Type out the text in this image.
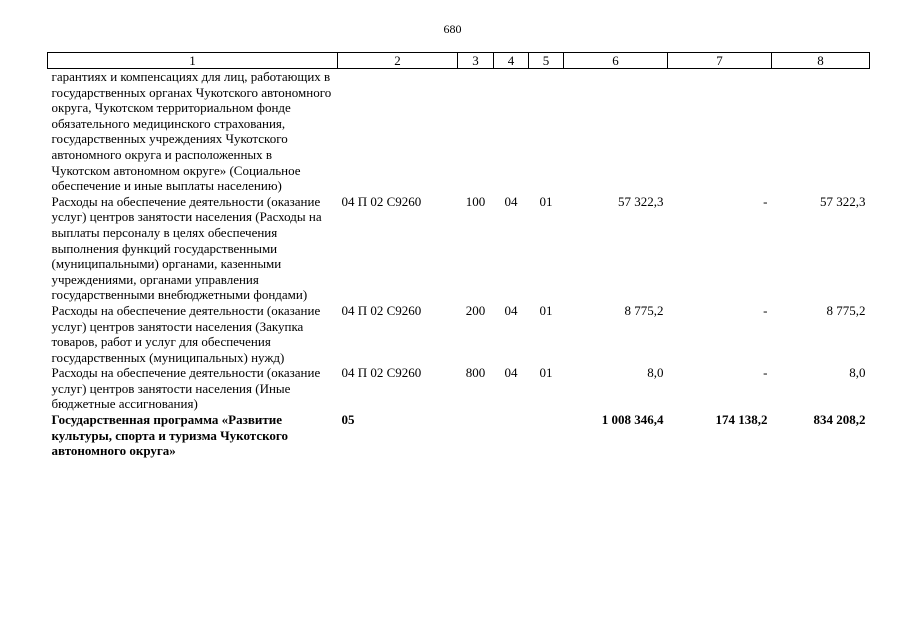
680
1	2	3	4	5	6	7	8
гарантиях и компенсациях для лиц, работающих в государственных органах Чукотского автономного округа, Чукотском территориальном фонде обязательного медицинского страхования, государственных учреждениях Чукотского автономного округа и расположенных в Чукотском автономном округе» (Социальное обеспечение и иные выплаты населению)							
Расходы на обеспечение деятельности (оказание услуг) центров занятости населения (Расходы на выплаты персоналу в целях обеспечения выполнения функций государственными (муниципальными) органами, казенными учреждениями, органами управления государственными внебюджетными фондами)	04 П 02 С9260	100	04	01	57 322,3	-	57 322,3
Расходы на обеспечение деятельности (оказание услуг) центров занятости населения (Закупка товаров, работ и услуг для обеспечения государственных (муниципальных) нужд)	04 П 02 С9260	200	04	01	8 775,2	-	8 775,2
Расходы на обеспечение деятельности (оказание услуг) центров занятости населения (Иные бюджетные ассигнования)	04 П 02 С9260	800	04	01	8,0	-	8,0
Государственная программа «Развитие культуры, спорта и туризма Чукотского автономного округа»	05				1 008 346,4	174 138,2	834 208,2
